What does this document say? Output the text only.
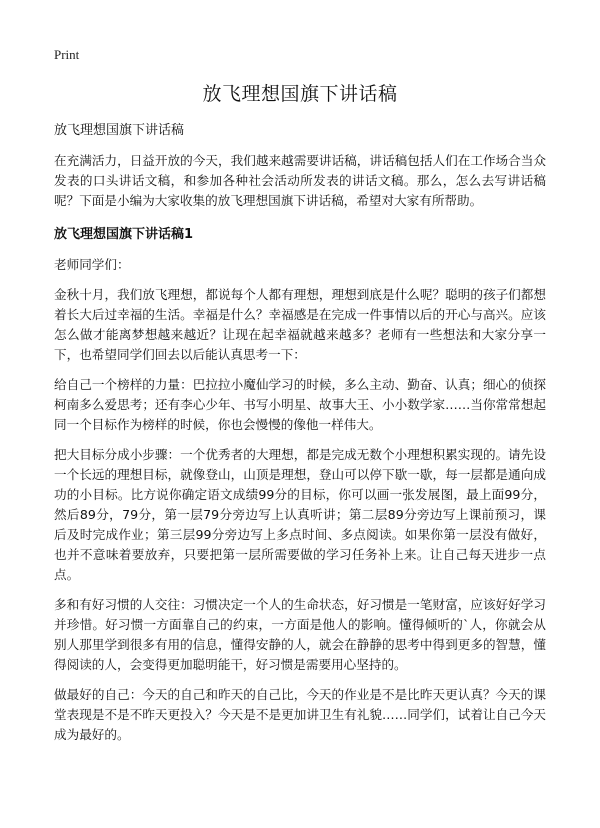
Print
放飞理想国旗下讲话稿

放飞理想国旗下讲话稿

在充满活力，日益开放的今天，我们越来越需要讲话稿，讲话稿包括人们在工作场合当众发表的口头讲话文稿，和参加各种社会活动所发表的讲话文稿。那么，怎么去写讲话稿呢？下面是小编为大家收集的放飞理想国旗下讲话稿，希望对大家有所帮助。

放飞理想国旗下讲话稿1

老师同学们：

金秋十月，我们放飞理想，都说每个人都有理想，理想到底是什么呢？聪明的孩子们都想着长大后过幸福的生活。幸福是什么？幸福感是在完成一件事情以后的开心与高兴。应该怎么做才能离梦想越来越近？让现在起幸福就越来越多？老师有一些想法和大家分享一下，也希望同学们回去以后能认真思考一下：

给自己一个榜样的力量：巴拉拉小魔仙学习的时候，多么主动、勤奋、认真；细心的侦探柯南多么爱思考；还有李心少年、书写小明星、故事大王、小小数学家……当你常常想起同一个目标作为榜样的时候，你也会慢慢的像他一样伟大。

把大目标分成小步骤：一个优秀者的大理想，都是完成无数个小理想积累实现的。请先设一个长远的理想目标，就像登山，山顶是理想，登山可以停下歇一歇，每一层都是通向成功的小目标。比方说你确定语文成绩99分的目标，你可以画一张发展图，最上面99分，然后89分，79分，第一层79分旁边写上认真听讲；第二层89分旁边写上课前预习，课后及时完成作业；第三层99分旁边写上多点时间、多点阅读。如果你第一层没有做好，也并不意味着要放弃，只要把第一层所需要做的学习任务补上来。让自己每天进步一点点。

多和有好习惯的人交往：习惯决定一个人的生命状态，好习惯是一笔财富，应该好好学习并珍惜。好习惯一方面靠自己的约束，一方面是他人的影响。懂得倾听的`人，你就会从别人那里学到很多有用的信息，懂得安静的人，就会在静静的思考中得到更多的智慧，懂得阅读的人，会变得更加聪明能干，好习惯是需要用心坚持的。

做最好的自己：今天的自己和昨天的自己比，今天的作业是不是比昨天更认真？今天的课堂表现是不是不昨天更投入？今天是不是更加讲卫生有礼貌……同学们，试着让自己今天成为最好的。
